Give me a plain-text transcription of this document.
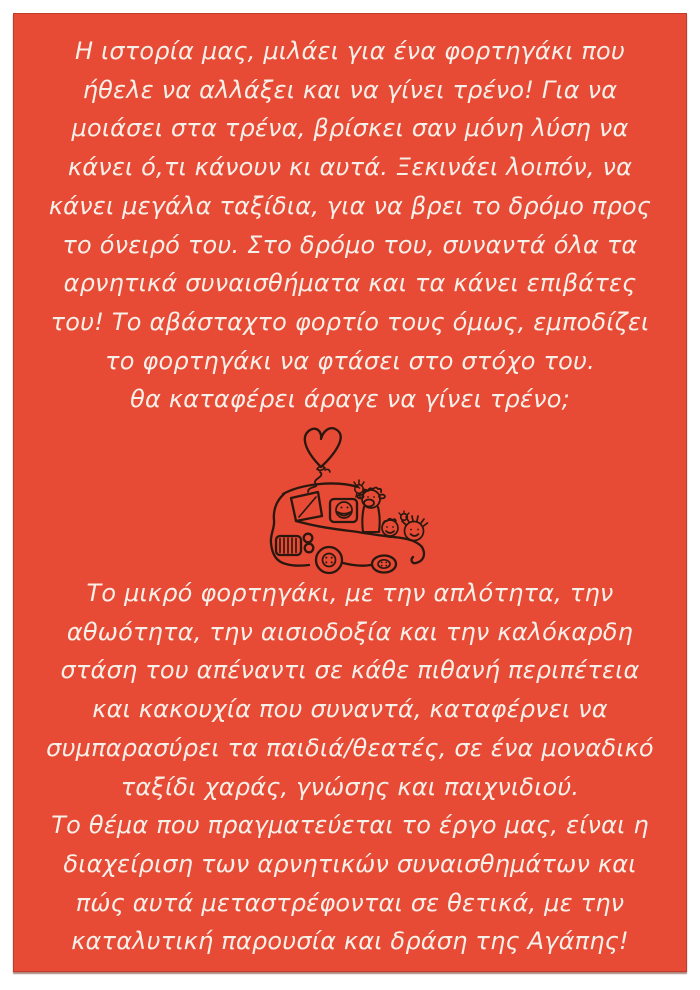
Η ιστορία μας, μιλάει για ένα φορτηγάκι που
ήθελε να αλλάξει και να γίνει τρένο! Για να
μοιάσει στα τρένα, βρίσκει σαν μόνη λύση να
κάνει ό,τι κάνουν κι αυτά. Ξεκινάει λοιπόν, να
κάνει μεγάλα ταξίδια, για να βρει το δρόμο προς
το όνειρό του. Στο δρόμο του, συναντά όλα τα
αρνητικά συναισθήματα και τα κάνει επιβάτες
του! Το αβάσταχτο φορτίο τους όμως, εμποδίζει
το φορτηγάκι να φτάσει στο στόχο του.
θα καταφέρει άραγε να γίνει τρένο;
Το μικρό φορτηγάκι, με την απλότητα, την
αθωότητα, την αισιοδοξία και την καλόκαρδη
στάση του απέναντι σε κάθε πιθανή περιπέτεια
και κακουχία που συναντά, καταφέρνει να
συμπαρασύρει τα παιδιά/θεατές, σε ένα μοναδικό
ταξίδι χαράς, γνώσης και παιχνιδιού.
Το θέμα που πραγματεύεται το έργο μας, είναι η
διαχείριση των αρνητικών συναισθημάτων και
πώς αυτά μεταστρέφονται σε θετικά, με την
καταλυτική παρουσία και δράση της Αγάπης!
